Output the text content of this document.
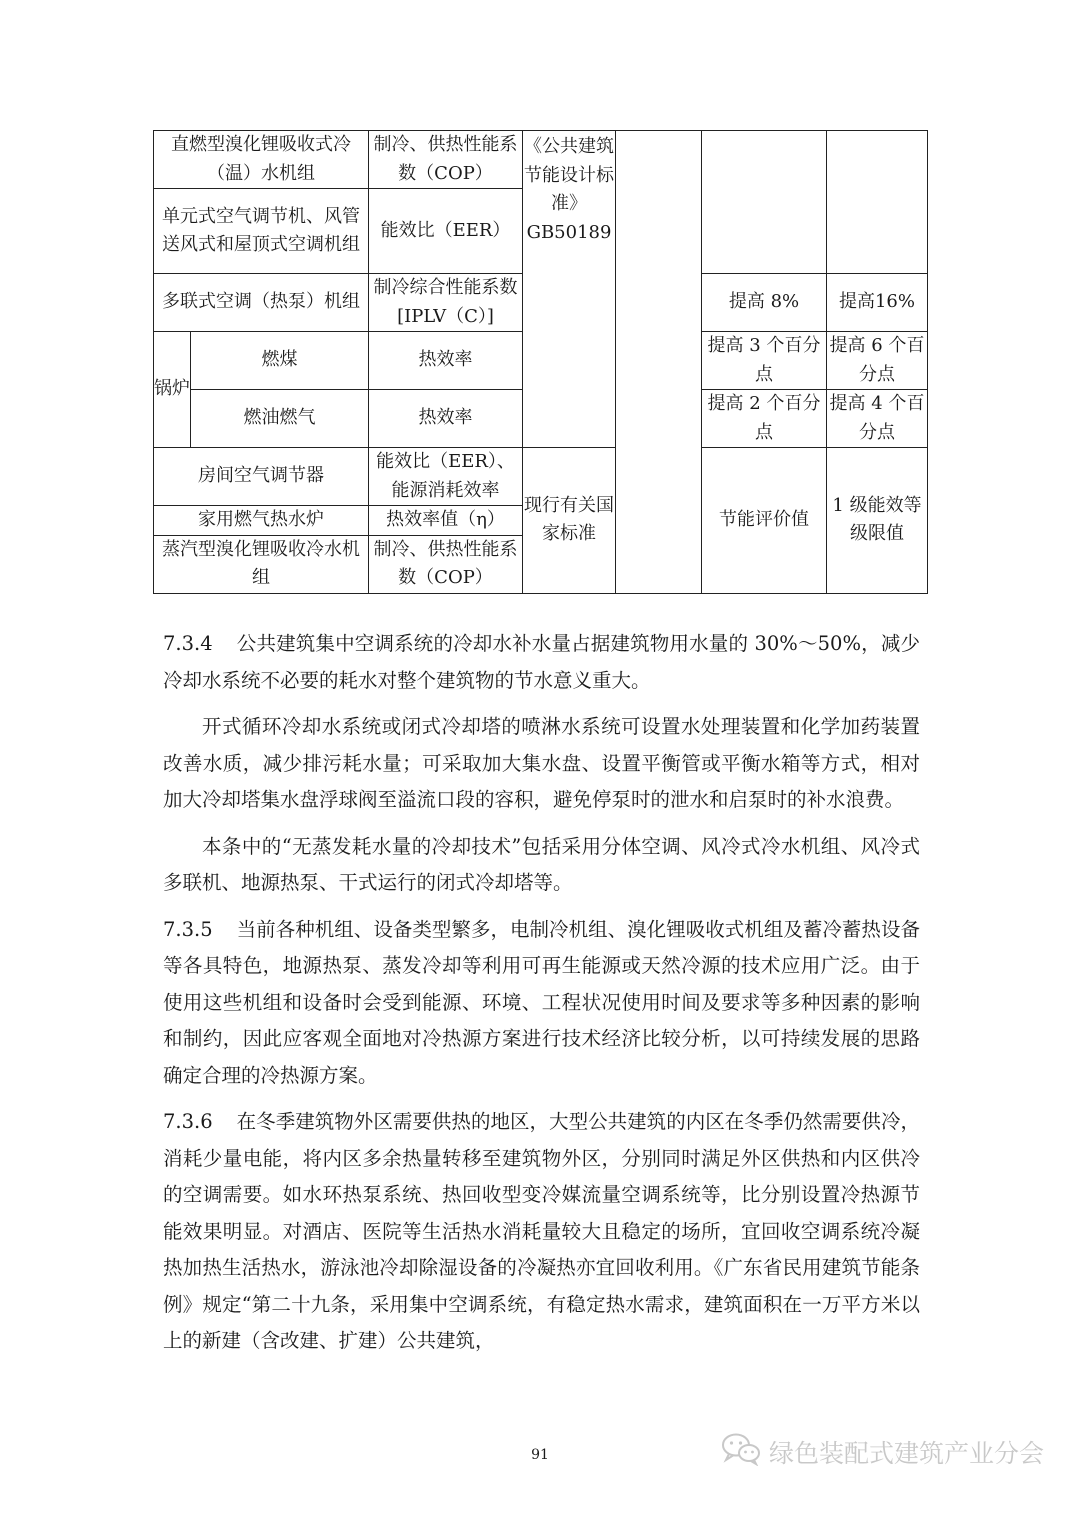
直燃型溴化锂吸收式冷（温）水机组		制冷、供热性能系数（COP）	《公共建筑节能设计标准》GB50189			
单元式空气调节机、风管送风式和屋顶式空调机组		能效比（EER）				
多联式空调（热泵）机组		制冷综合性能系数[IPLV（C）]			提高 8%	提高16%
锅炉	燃煤	热效率			提高 3 个百分点	提高 6 个百分点
	燃油燃气	热效率			提高 2 个百分点	提高 4 个百分点
房间空气调节器		能效比（EER）、能源消耗效率	现行有关国家标准		节能评价值	1 级能效等级限值
家用燃气热水炉		热效率值（η）				
蒸汽型溴化锂吸收冷水机组		制冷、供热性能系数（COP）				

7.3.4 公共建筑集中空调系统的冷却水补水量占据建筑物用水量的 30%～50%，减少冷却水系统不必要的耗水对整个建筑物的节水意义重大。

开式循环冷却水系统或闭式冷却塔的喷淋水系统可设置水处理装置和化学加药装置改善水质，减少排污耗水量；可采取加大集水盘、设置平衡管或平衡水箱等方式，相对加大冷却塔集水盘浮球阀至溢流口段的容积，避免停泵时的泄水和启泵时的补水浪费。

本条中的“无蒸发耗水量的冷却技术”包括采用分体空调、风冷式冷水机组、风冷式多联机、地源热泵、干式运行的闭式冷却塔等。

7.3.5 当前各种机组、设备类型繁多，电制冷机组、溴化锂吸收式机组及蓄冷蓄热设备等各具特色，地源热泵、蒸发冷却等利用可再生能源或天然冷源的技术应用广泛。由于使用这些机组和设备时会受到能源、环境、工程状况使用时间及要求等多种因素的影响和制约，因此应客观全面地对冷热源方案进行技术经济比较分析，以可持续发展的思路确定合理的冷热源方案。

7.3.6 在冬季建筑物外区需要供热的地区，大型公共建筑的内区在冬季仍然需要供冷，消耗少量电能，将内区多余热量转移至建筑物外区，分别同时满足外区供热和内区供冷的空调需要。如水环热泵系统、热回收型变冷媒流量空调系统等，比分别设置冷热源节能效果明显。对酒店、医院等生活热水消耗量较大且稳定的场所，宜回收空调系统冷凝热加热生活热水，游泳池冷却除湿设备的冷凝热亦宜回收利用。《广东省民用建筑节能条例》规定“第二十九条，采用集中空调系统，有稳定热水需求，建筑面积在一万平方米以上的新建（含改建、扩建）公共建筑，

91	绿色装配式建筑产业分会
